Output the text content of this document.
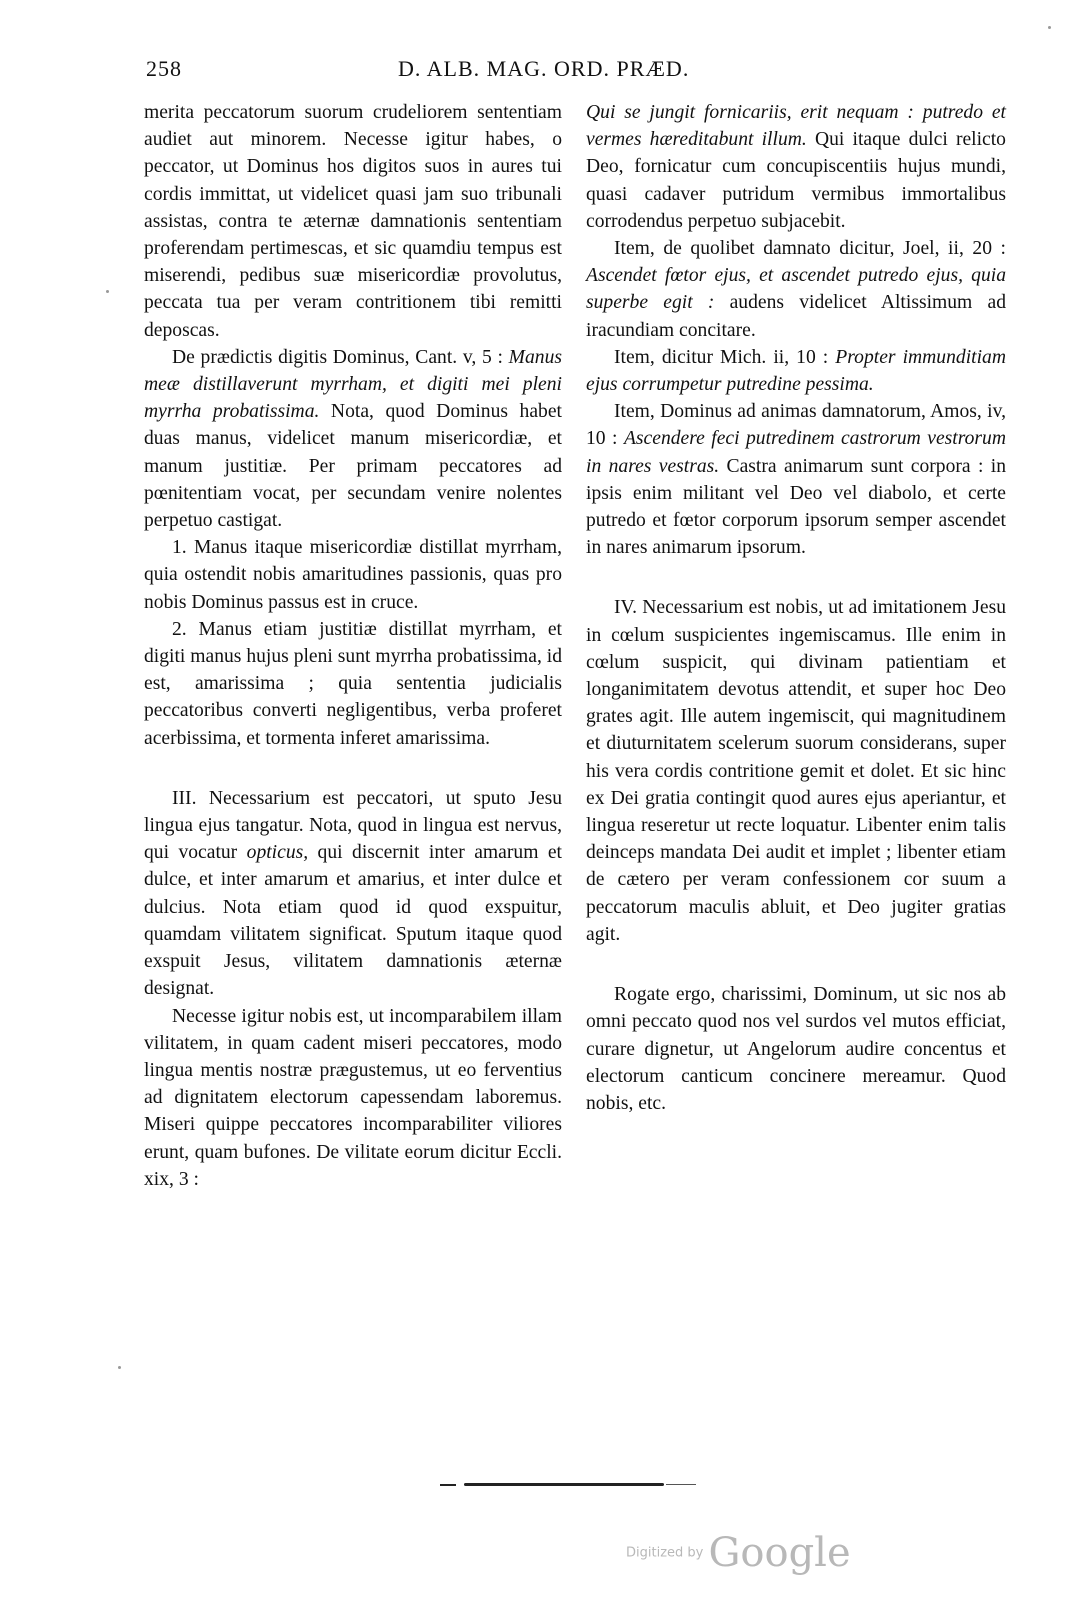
258	D. ALB. MAG. ORD. PRÆD.

merita peccatorum suorum crudeliorem sententiam audiet aut minorem. Necesse igitur habes, o peccator, ut Dominus hos digitos suos in aures tui cordis immittat, ut videlicet quasi jam suo tribunali assistas, contra te æternæ damnationis sententiam proferendam pertimescas, et sic quamdiu tempus est miserendi, pedibus suæ misericordiæ provolutus, peccata tua per veram contritionem tibi remitti deposcas.

De prædictis digitis Dominus, Cant. v, 5 : Manus meæ distillaverunt myrrham, et digiti mei pleni myrrha probatissima. Nota, quod Dominus habet duas manus, videlicet manum misericordiæ, et manum justitiæ. Per primam peccatores ad pœnitentiam vocat, per secundam venire nolentes perpetuo castigat.

1. Manus itaque misericordiæ distillat myrrham, quia ostendit nobis amaritudines passionis, quas pro nobis Dominus passus est in cruce.

2. Manus etiam justitiæ distillat myrrham, et digiti manus hujus pleni sunt myrrha probatissima, id est, amarissima ; quia sententia judicialis peccatoribus converti negligentibus, verba proferet acerbissima, et tormenta inferet amarissima.

III. Necessarium est peccatori, ut sputo Jesu lingua ejus tangatur. Nota, quod in lingua est nervus, qui vocatur opticus, qui discernit inter amarum et dulce, et inter amarum et amarius, et inter dulce et dulcius. Nota etiam quod id quod exspuitur, quamdam vilitatem significat. Sputum itaque quod exspuit Jesus, vilitatem damnationis æternæ designat.

Necesse igitur nobis est, ut incomparabilem illam vilitatem, in quam cadent miseri peccatores, modo lingua mentis nostræ prægustemus, ut eo ferventius ad dignitatem electorum capessendam laboremus. Miseri quippe peccatores incomparabiliter viliores erunt, quam bufones. De vilitate eorum dicitur Eccli. xix, 3 :

Qui se jungit fornicariis, erit nequam : putredo et vermes hæreditabunt illum. Qui itaque dulci relicto Deo, fornicatur cum concupiscentiis hujus mundi, quasi cadaver putridum vermibus immortalibus corrodendus perpetuo subjacebit.

Item, de quolibet damnato dicitur, Joel, ii, 20 : Ascendet fœtor ejus, et ascendet putredo ejus, quia superbe egit : audens videlicet Altissimum ad iracundiam concitare.

Item, dicitur Mich. ii, 10 : Propter immunditiam ejus corrumpetur putredine pessima.

Item, Dominus ad animas damnatorum, Amos, iv, 10 : Ascendere feci putredinem castrorum vestrorum in nares vestras. Castra animarum sunt corpora : in ipsis enim militant vel Deo vel diabolo, et certe putredo et fœtor corporum ipsorum semper ascendet in nares animarum ipsorum.

IV. Necessarium est nobis, ut ad imitationem Jesu in cœlum suspicientes ingemiscamus. Ille enim in cœlum suspicit, qui divinam patientiam et longanimitatem devotus attendit, et super hoc Deo grates agit. Ille autem ingemiscit, qui magnitudinem et diuturnitatem scelerum suorum considerans, super his vera cordis contritione gemit et dolet. Et sic hinc ex Dei gratia contingit quod aures ejus aperiantur, et lingua reseretur ut recte loquatur. Libenter enim talis deinceps mandata Dei audit et implet ; libenter etiam de cætero per veram confessionem cor suum a peccatorum maculis abluit, et Deo jugiter gratias agit.

Rogate ergo, charissimi, Dominum, ut sic nos ab omni peccato quod nos vel surdos vel mutos efficiat, curare dignetur, ut Angelorum audire concentus et electorum canticum concinere mereamur. Quod nobis, etc.

Digitized by Google
